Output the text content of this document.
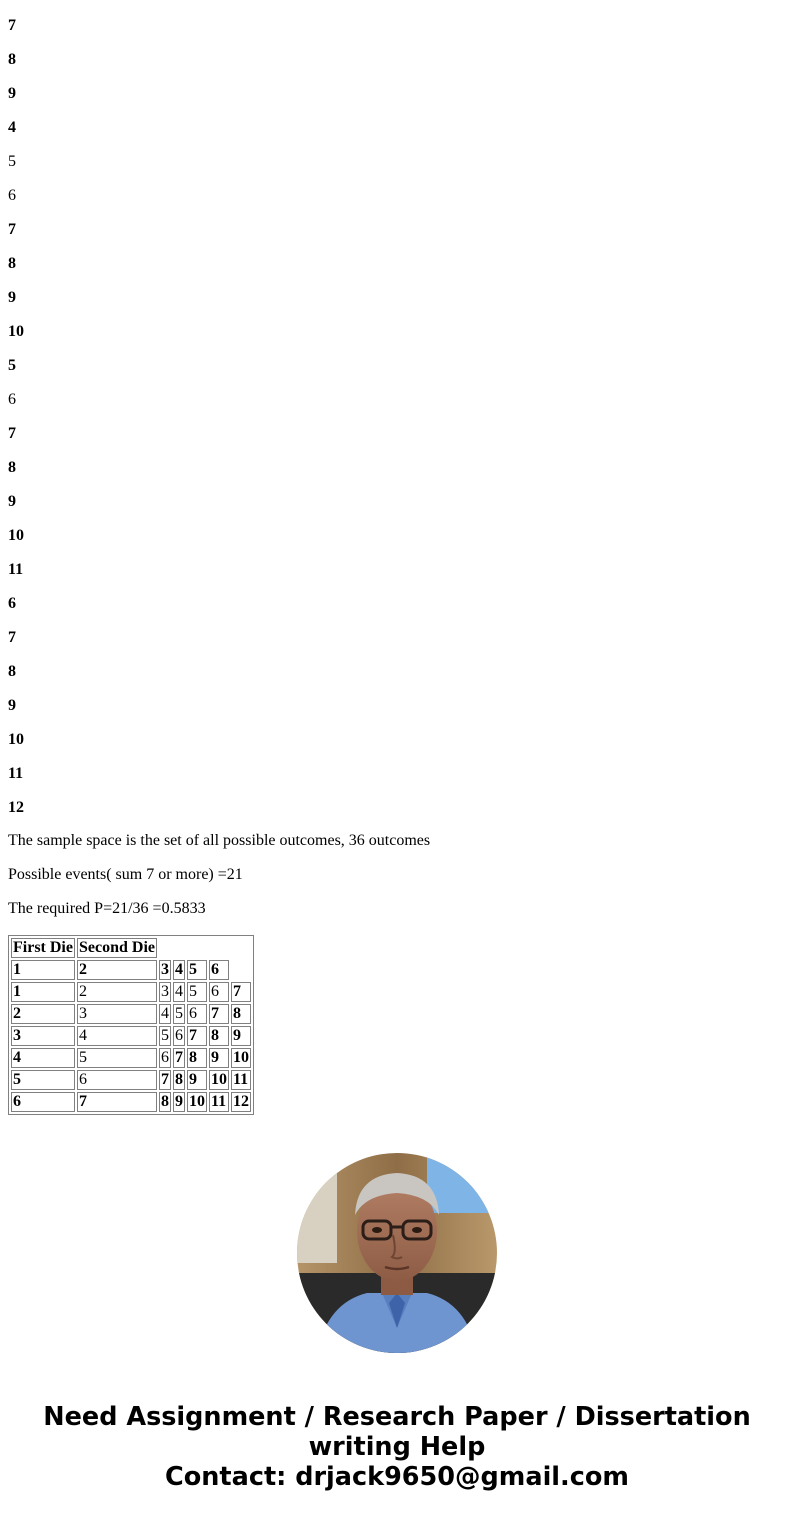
7
8
9
4
5
6
7
8
9
10
5
6
7
8
9
10
11
6
7
8
9
10
11
12
The sample space is the set of all possible outcomes, 36 outcomes
Possible events( sum 7 or more) =21
The required P=21/36 =0.5833
First Die	Second Die					
1	2	3	4	5	6	
1	2	3	4	5	6	7
2	3	4	5	6	7	8
3	4	5	6	7	8	9
4	5	6	7	8	9	10
5	6	7	8	9	10	11
6	7	8	9	10	11	12
Need Assignment / Research Paper / Dissertation
writing Help
Contact: drjack9650@gmail.com
